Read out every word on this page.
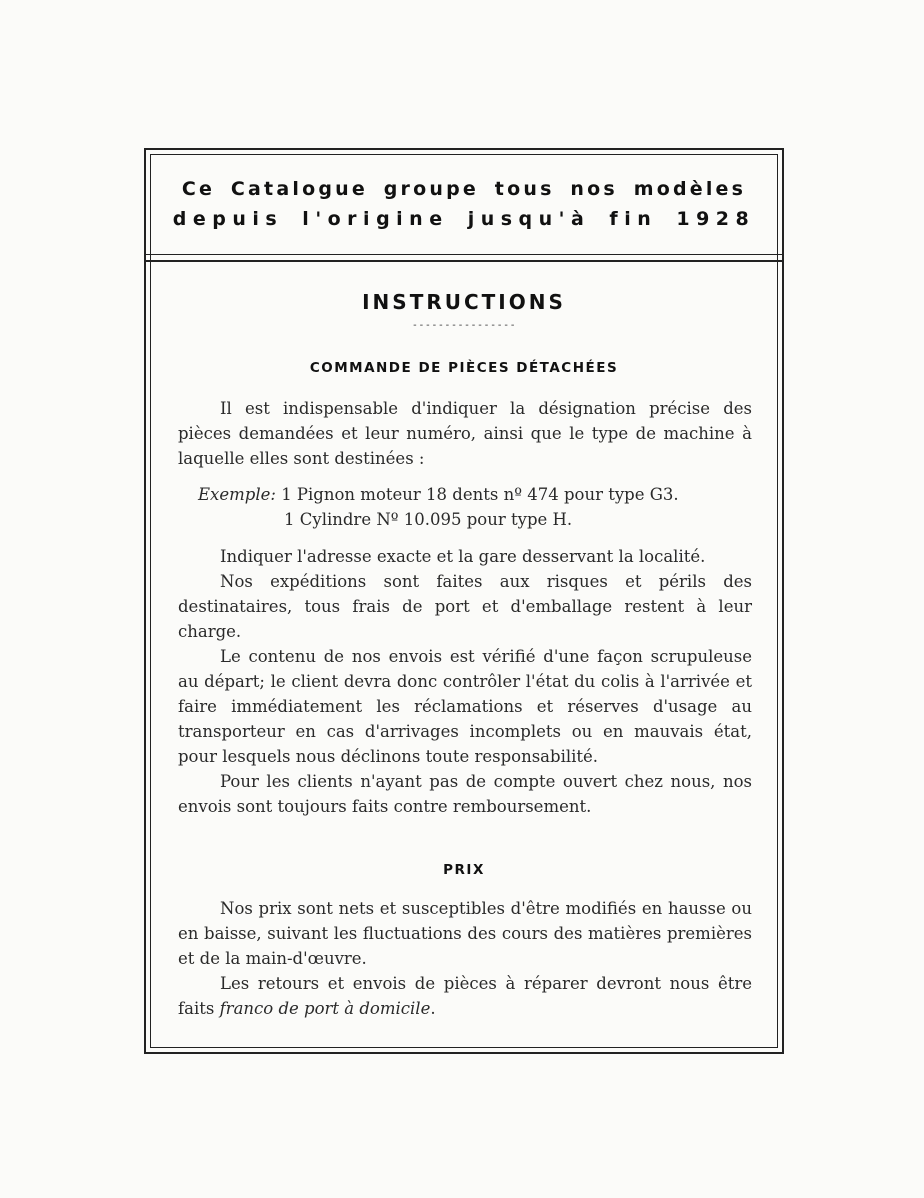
Ce Catalogue groupe tous nos modèles
depuis l'origine jusqu'à fin 1928
INSTRUCTIONS
----------------
COMMANDE DE PIÈCES DÉTACHÉES

Il est indispensable d'indiquer la désignation précise des pièces demandées et leur numéro, ainsi que le type de machine à laquelle elles sont destinées :

Exemple: 1 Pignon moteur 18 dents nº 474 pour type G3.
1 Cylindre Nº 10.095 pour type H.

Indiquer l'adresse exacte et la gare desservant la localité.

Nos expéditions sont faites aux risques et périls des destinataires, tous frais de port et d'emballage restent à leur charge.

Le contenu de nos envois est vérifié d'une façon scrupuleuse au départ; le client devra donc contrôler l'état du colis à l'arrivée et faire immédiatement les réclamations et réserves d'usage au transporteur en cas d'arrivages incomplets ou en mauvais état, pour lesquels nous déclinons toute responsabilité.

Pour les clients n'ayant pas de compte ouvert chez nous, nos envois sont toujours faits contre remboursement.

PRIX

Nos prix sont nets et susceptibles d'être modifiés en hausse ou en baisse, suivant les fluctuations des cours des matières premières et de la main-d'œuvre.

Les retours et envois de pièces à réparer devront nous être faits franco de port à domicile.
